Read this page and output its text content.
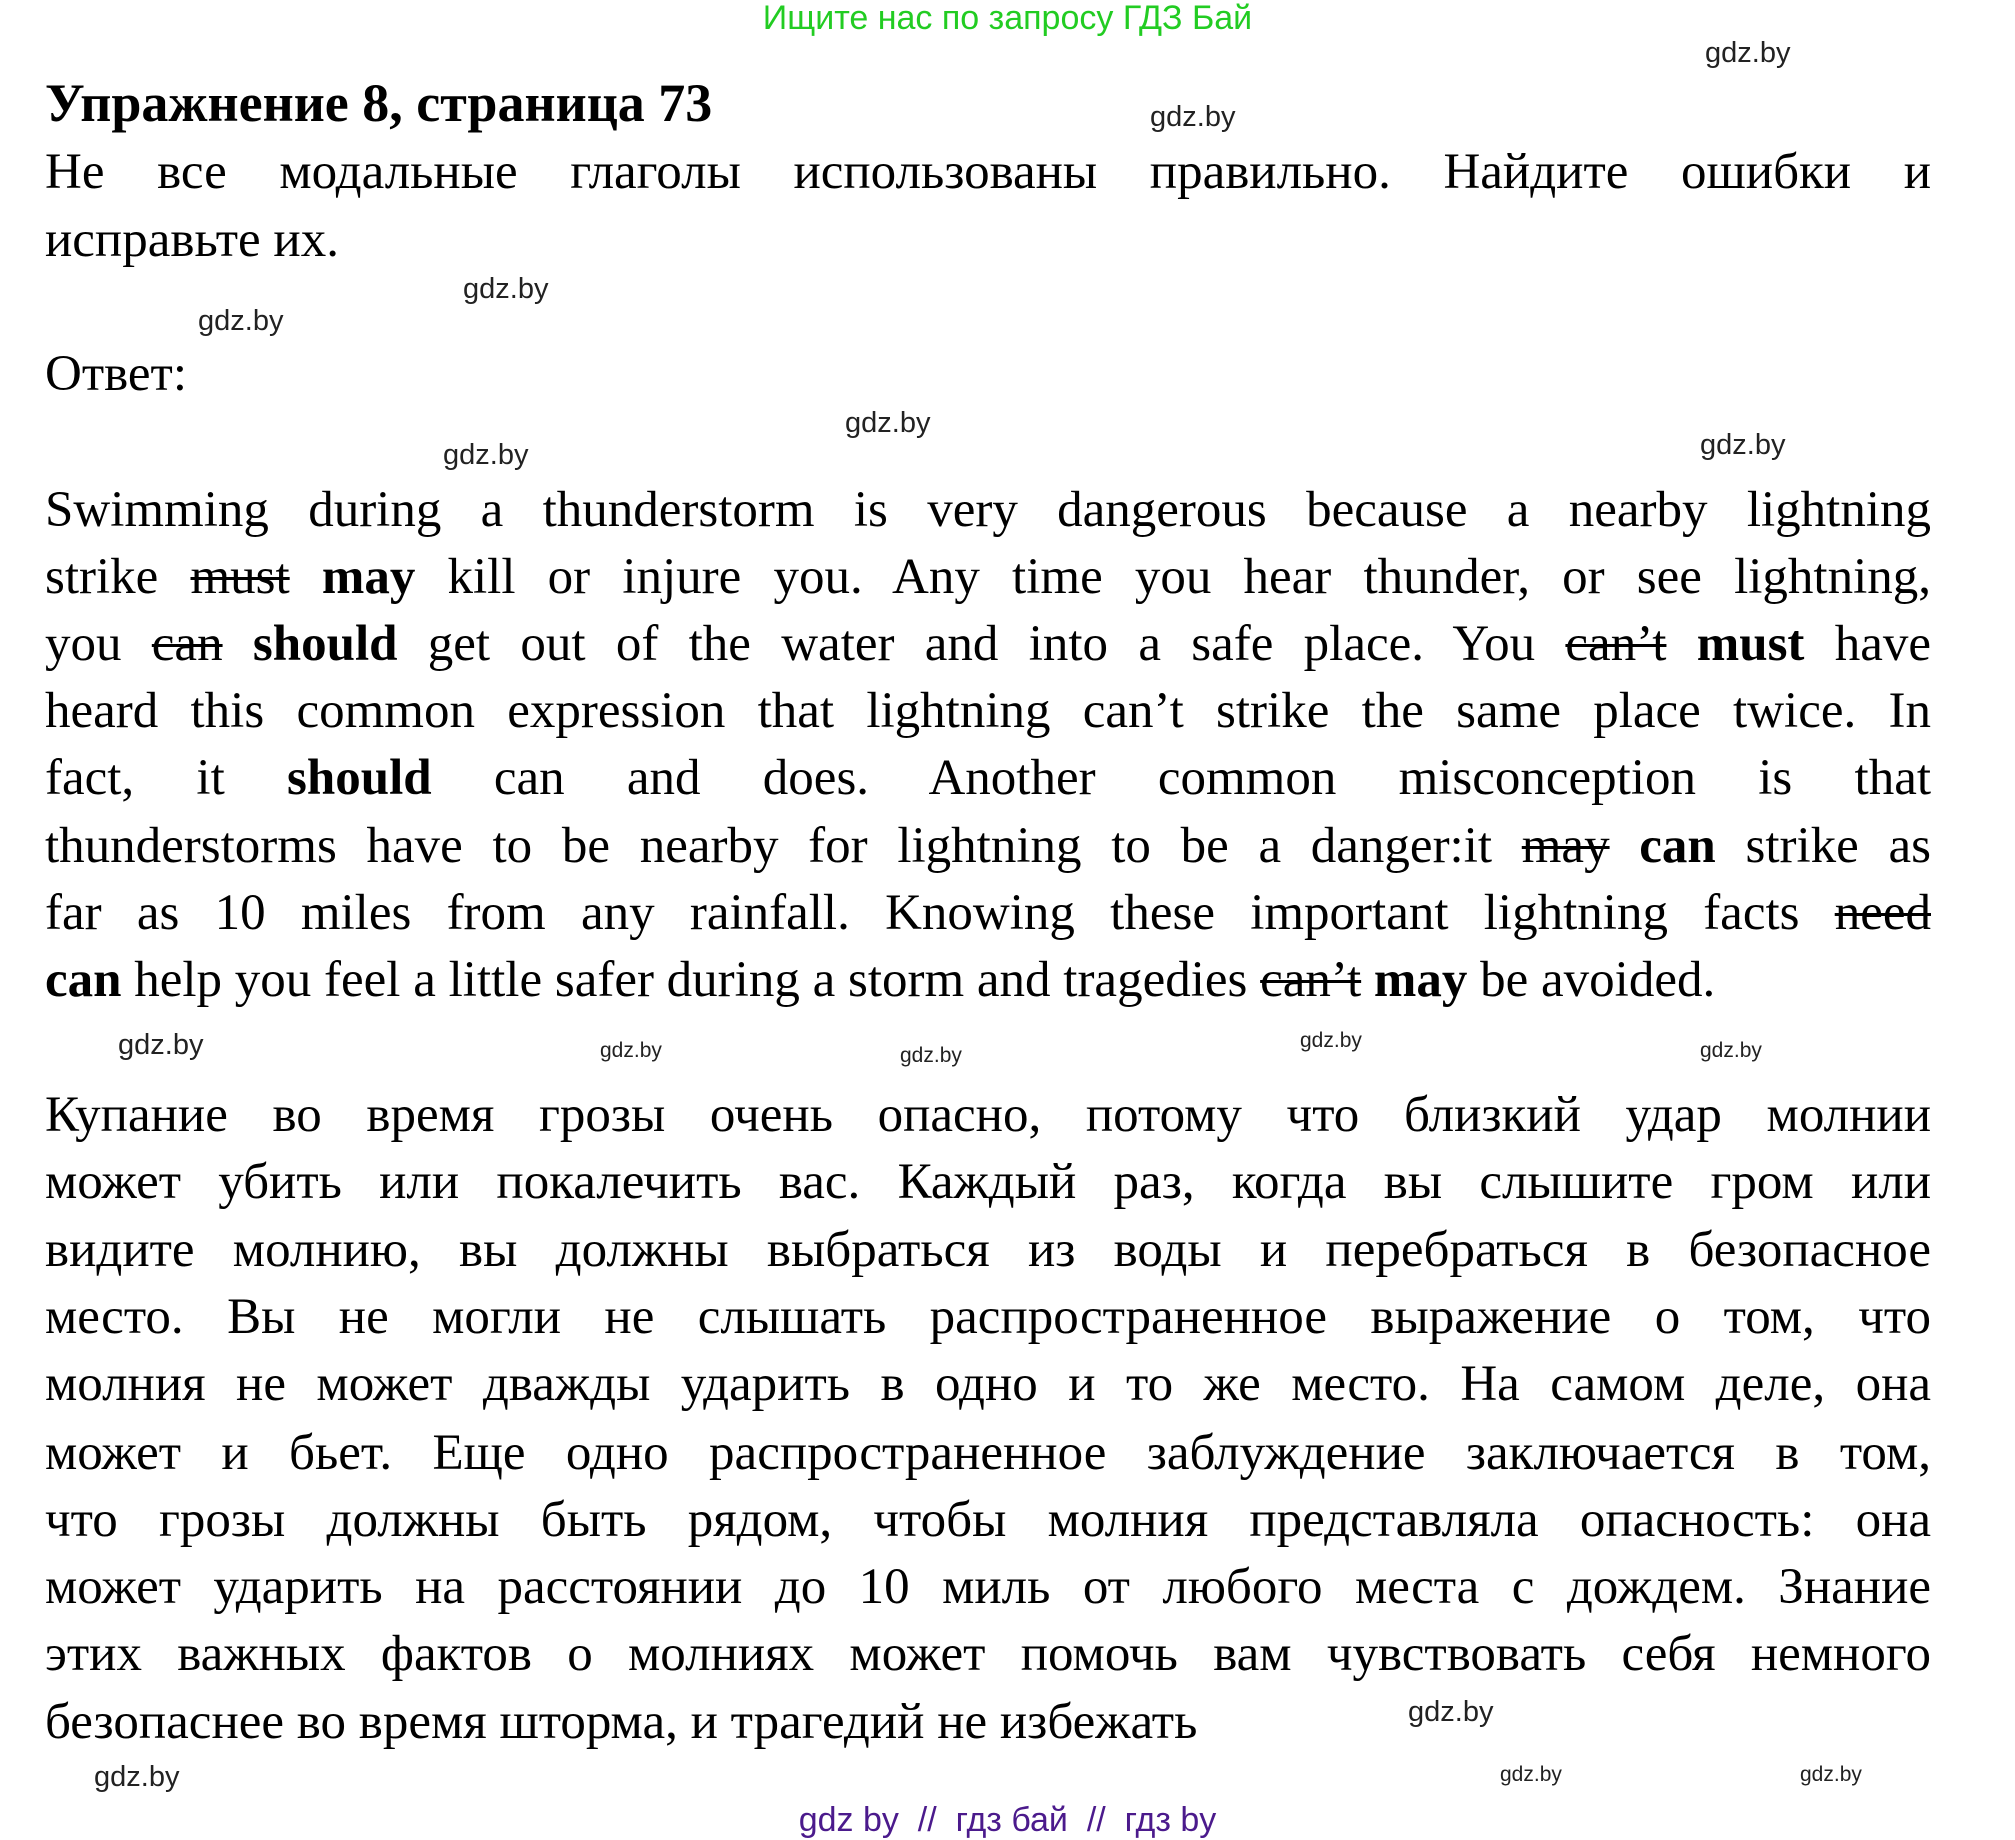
Ищите нас по запросу ГДЗ Бай
Упражнение 8, страница 73
Не все модальные глаголы использованы правильно. Найдите ошибки и
исправьте их.
Ответ:
Swimming during a thunderstorm is very dangerous because a nearby lightning
strike must may kill or injure you. Any time you hear thunder, or see lightning,
you can should get out of the water and into a safe place. You can’t must have
heard this common expression that lightning can’t strike the same place twice. In
fact, it should can and does. Another common misconception is that
thunderstorms have to be nearby for lightning to be a danger:it may can strike as
far as 10 miles from any rainfall. Knowing these important lightning facts need
can help you feel a little safer during a storm and tragedies can’t may be avoided.
Купание во время грозы очень опасно, потому что близкий удар молнии
может убить или покалечить вас. Каждый раз, когда вы слышите гром или
видите молнию, вы должны выбраться из воды и перебраться в безопасное
место. Вы не могли не слышать распространенное выражение о том, что
молния не может дважды ударить в одно и то же место. На самом деле, она
может и бьет. Еще одно распространенное заблуждение заключается в том,
что грозы должны быть рядом, чтобы молния представляла опасность: она
может ударить на расстоянии до 10 миль от любого места с дождем. Знание
этих важных фактов о молниях может помочь вам чувствовать себя немного
безопаснее во время шторма, и трагедий не избежать
gdz.by
gdz.by
gdz.by
gdz.by
gdz.by
gdz.by	gdz.by
gdz.by
gdz.by	gdz.by
gdz.by
gdz.by
gdz.by	gdz.by
gdz.by
gdz.by
gdz by  //  гдз бай  //  гдз by
